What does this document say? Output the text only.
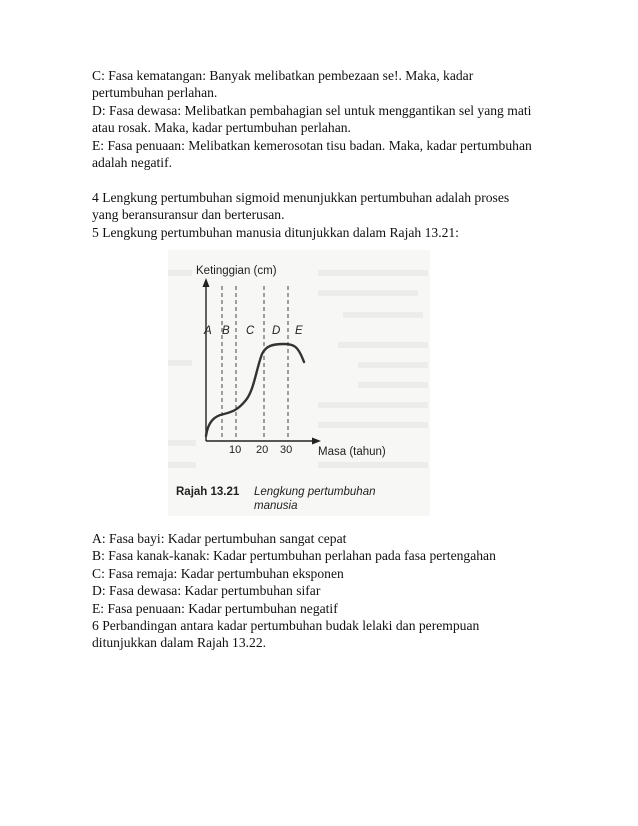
C: Fasa kematangan: Banyak melibatkan pembezaan se!. Maka, kadar

pertumbuhan perlahan.

D: Fasa dewasa: Melibatkan pembahagian sel untuk menggantikan sel yang mati

atau rosak. Maka, kadar pertumbuhan perlahan.

E: Fasa penuaan: Melibatkan kemerosotan tisu badan. Maka, kadar pertumbuhan

adalah negatif.

4 Lengkung pertumbuhan sigmoid menunjukkan pertumbuhan adalah proses

yang beransuransur dan berterusan.

5 Lengkung pertumbuhan manusia ditunjukkan dalam Rajah 13.21:

Ketinggian (cm)
Masa (tahun)
A B C D E
10 20 30
Rajah 13.21 Lengkung pertumbuhan
manusia

A: Fasa bayi: Kadar pertumbuhan sangat cepat

B: Fasa kanak-kanak: Kadar pertumbuhan perlahan pada fasa pertengahan

C: Fasa remaja: Kadar pertumbuhan eksponen

D: Fasa dewasa: Kadar pertumbuhan sifar

E: Fasa penuaan: Kadar pertumbuhan negatif

6 Perbandingan antara kadar pertumbuhan budak lelaki dan perempuan

ditunjukkan dalam Rajah 13.22.
